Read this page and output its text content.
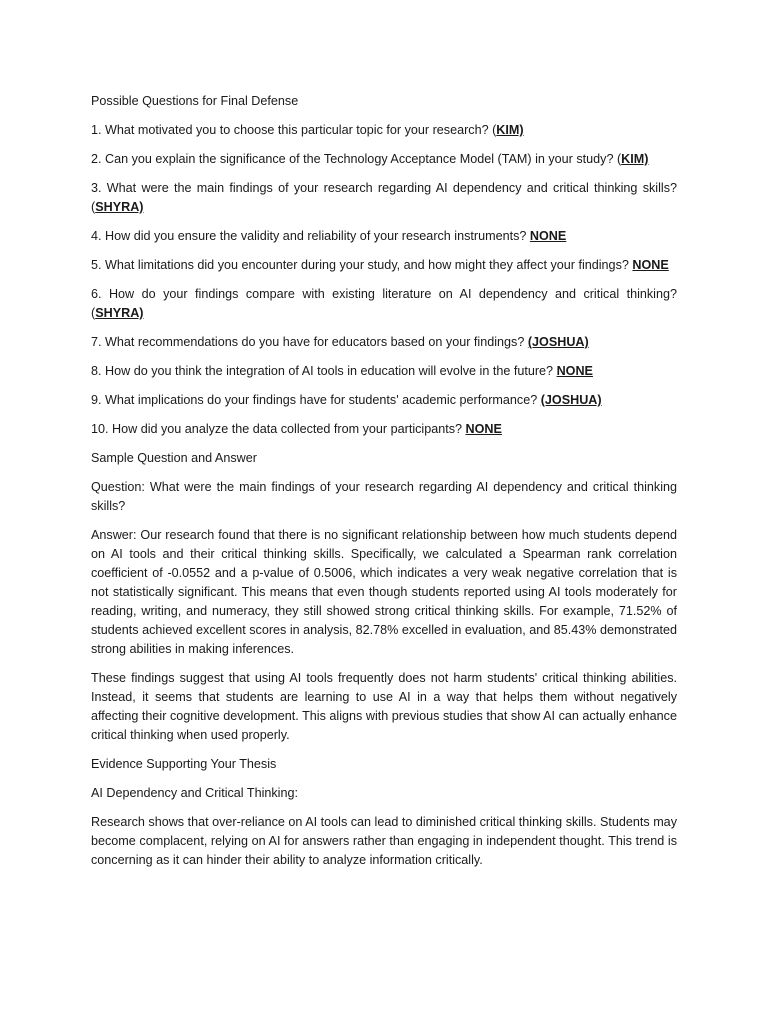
Possible Questions for Final Defense

1. What motivated you to choose this particular topic for your research? (KIM)

2. Can you explain the significance of the Technology Acceptance Model (TAM) in your study? (KIM)

3. What were the main findings of your research regarding AI dependency and critical thinking skills? (SHYRA)

4. How did you ensure the validity and reliability of your research instruments? NONE

5. What limitations did you encounter during your study, and how might they affect your findings? NONE

6. How do your findings compare with existing literature on AI dependency and critical thinking? (SHYRA)

7. What recommendations do you have for educators based on your findings? (JOSHUA)

8. How do you think the integration of AI tools in education will evolve in the future? NONE

9. What implications do your findings have for students' academic performance? (JOSHUA)

10. How did you analyze the data collected from your participants? NONE

Sample Question and Answer

Question: What were the main findings of your research regarding AI dependency and critical thinking skills?

Answer: Our research found that there is no significant relationship between how much students depend on AI tools and their critical thinking skills. Specifically, we calculated a Spearman rank correlation coefficient of -0.0552 and a p-value of 0.5006, which indicates a very weak negative correlation that is not statistically significant. This means that even though students reported using AI tools moderately for reading, writing, and numeracy, they still showed strong critical thinking skills. For example, 71.52% of students achieved excellent scores in analysis, 82.78% excelled in evaluation, and 85.43% demonstrated strong abilities in making inferences.

These findings suggest that using AI tools frequently does not harm students' critical thinking abilities. Instead, it seems that students are learning to use AI in a way that helps them without negatively affecting their cognitive development. This aligns with previous studies that show AI can actually enhance critical thinking when used properly.

Evidence Supporting Your Thesis

AI Dependency and Critical Thinking:

Research shows that over-reliance on AI tools can lead to diminished critical thinking skills. Students may become complacent, relying on AI for answers rather than engaging in independent thought. This trend is concerning as it can hinder their ability to analyze information critically.
